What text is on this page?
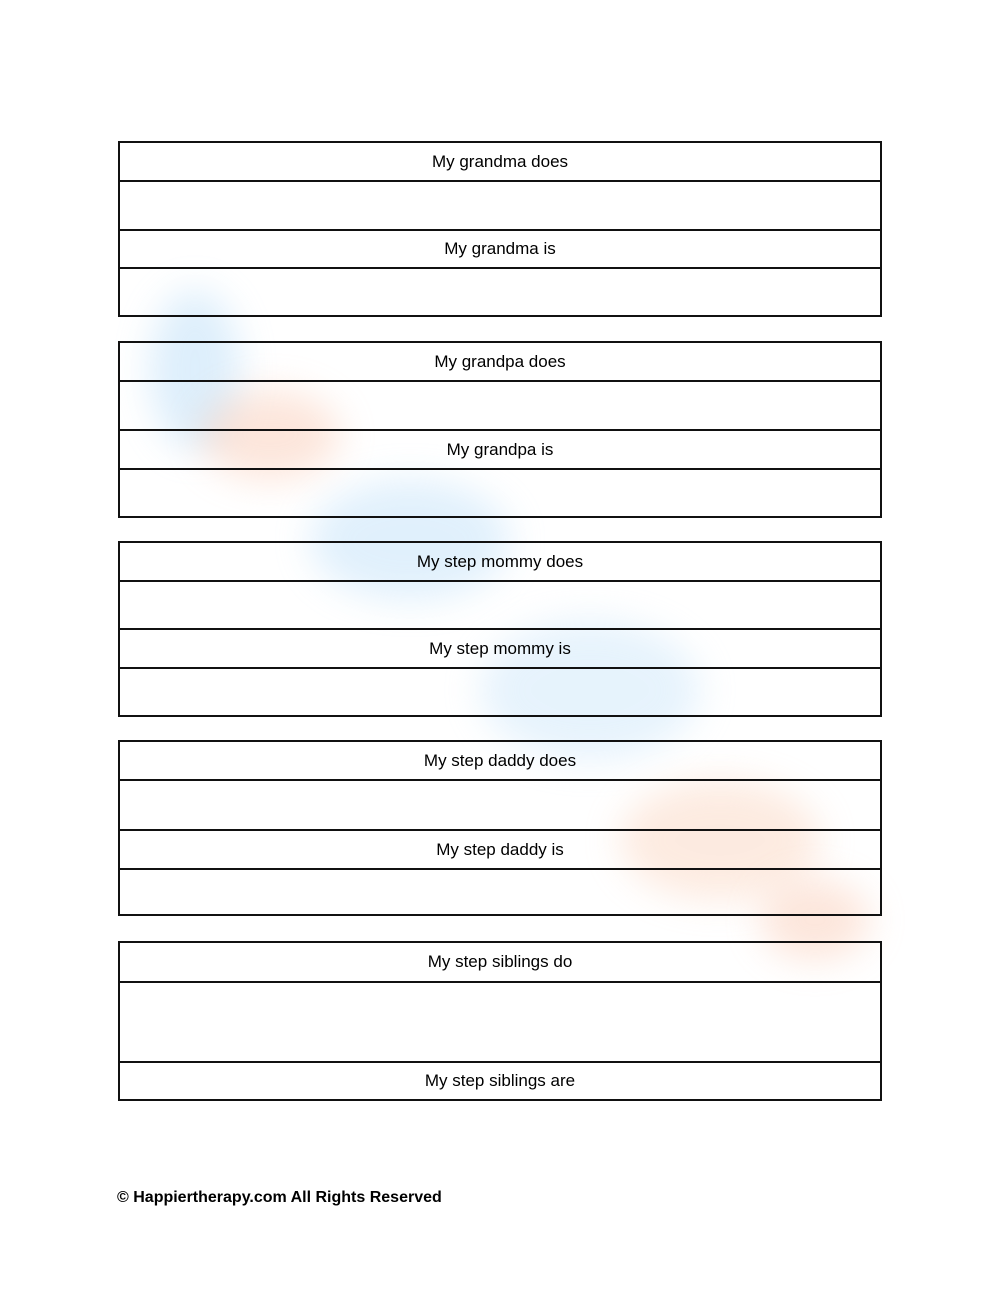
My grandma does
My grandma is
My grandpa does
My grandpa is
My step mommy does
My step mommy is
My step daddy does
My step daddy is
My step siblings do
My step siblings are
© Happiertherapy.com All Rights Reserved
